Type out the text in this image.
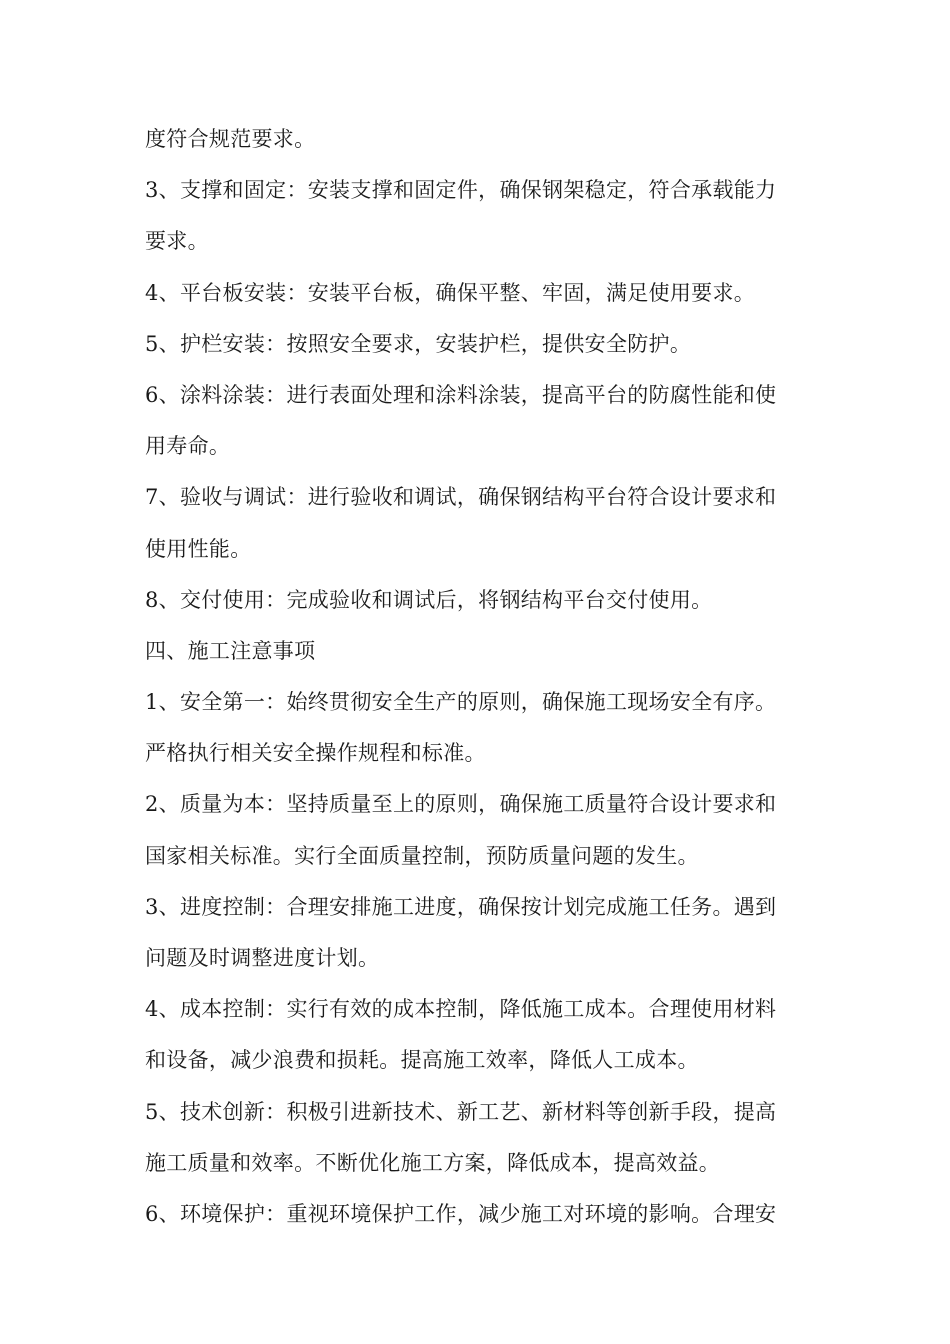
度符合规范要求。
3、支撑和固定：安装支撑和固定件，确保钢架稳定，符合承载能力
要求。
4、平台板安装：安装平台板，确保平整、牢固，满足使用要求。
5、护栏安装：按照安全要求，安装护栏，提供安全防护。
6、涂料涂装：进行表面处理和涂料涂装，提高平台的防腐性能和使
用寿命。
7、验收与调试：进行验收和调试，确保钢结构平台符合设计要求和
使用性能。
8、交付使用：完成验收和调试后，将钢结构平台交付使用。
四、施工注意事项
1、安全第一：始终贯彻安全生产的原则，确保施工现场安全有序。
严格执行相关安全操作规程和标准。
2、质量为本：坚持质量至上的原则，确保施工质量符合设计要求和
国家相关标准。实行全面质量控制，预防质量问题的发生。
3、进度控制：合理安排施工进度，确保按计划完成施工任务。遇到
问题及时调整进度计划。
4、成本控制：实行有效的成本控制，降低施工成本。合理使用材料
和设备，减少浪费和损耗。提高施工效率，降低人工成本。
5、技术创新：积极引进新技术、新工艺、新材料等创新手段，提高
施工质量和效率。不断优化施工方案，降低成本，提高效益。
6、环境保护：重视环境保护工作，减少施工对环境的影响。合理安
